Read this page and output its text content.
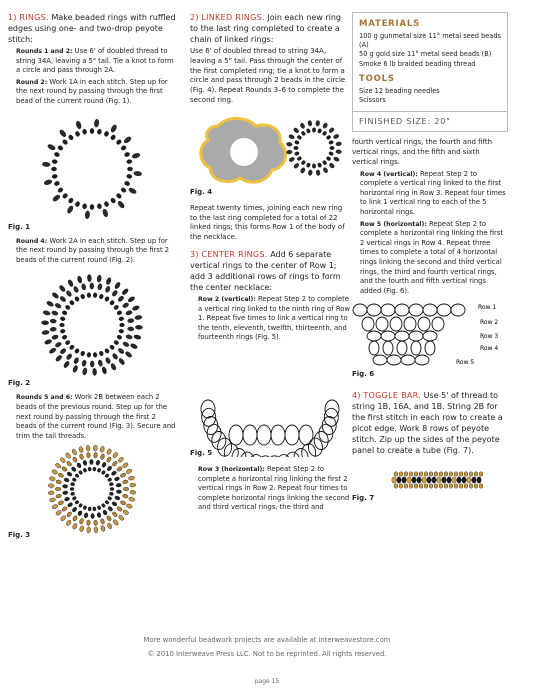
1) RINGS. Make beaded rings with ruffled edges using one- and two-drop peyote stitch:
Rounds 1 and 2: Use 6' of doubled thread to string 34A, leaving a 5" tail. Tie a knot to form a circle and pass through 2A.
Round 2: Work 1A in each stitch. Step up for the next round by passing through the first bead of the current round (Fig. 1).
Fig. 1
Round 4: Work 2A in each stitch. Step up for the next round by passing through the first 2 beads of the current round (Fig. 2).
Fig. 2
Rounds 5 and 6: Work 2B between each 2 beads of the previous round. Step up for the next round by passing through the first 2 beads of the current round (Fig. 3). Secure and trim the tail threads.
Fig. 3
2) LINKED RINGS. Join each new ring to the last ring completed to create a chain of linked rings:

Use 6' of doubled thread to string 34A, leaving a 5" tail. Pass through the center of the first completed ring; tie a knot to form a circle and pass through 2 beads in the circle (Fig. 4). Repeat Rounds 3–6 to complete the second ring.

Fig. 4

Repeat twenty times, joining each new ring to the last ring completed for a total of 22 linked rings; this forms Row 1 of the body of the necklace.

3) CENTER RINGS. Add 6 separate vertical rings to the center of Row 1; add 3 additional rows of rings to form the center necklace:
Row 2 (vertical): Repeat Step 2 to complete a vertical ring linked to the ninth ring of Row 1. Repeat five times to link a vertical ring to the tenth, eleventh, twelfth, thirteenth, and fourteenth rings (Fig. 5).
Fig. 5
Row 3 (horizontal): Repeat Step 2 to complete a horizontal ring linking the first 2 vertical rings in Row 2. Repeat four times to complete horizontal rings linking the second and third vertical rings, the third and
MATERIALS
100 g gunmetal size 11° metal seed beads (A)
50 g gold size 11° metal seed beads (B)
Smoke 6 lb braided beading thread
TOOLS
Size 12 beading needles
Scissors
FINISHED SIZE: 20"

fourth vertical rings, the fourth and fifth vertical rings, and the fifth and sixth vertical rings.

Row 4 (vertical): Repeat Step 2 to complete a vertical ring linked to the first horizontal ring in Row 3. Repeat four times to link 1 vertical ring to each of the 5 horizontal rings.
Row 5 (horizontal): Repeat Step 2 to complete a horizontal ring linking the first 2 vertical rings in Row 4. Repeat three times to complete a total of 4 horizontal rings linking the second and third vertical rings, the third and fourth vertical rings, and the fourth and fifth vertical rings added (Fig. 6).
Row 1
Row 2
Row 3
Row 4
Row 5
Fig. 6
4) TOGGLE BAR. Use 5' of thread to string 1B, 16A, and 1B. String 2B for the first stitch in each row to create a picot edge. Work 8 rows of peyote stitch. Zip up the sides of the peyote panel to create a tube (Fig. 7).
Fig. 7
More wonderful beadwork projects are available at interweavestore.com
© 2010 Interweave Press LLC. Not to be reprinted. All rights reserved.
page 15
